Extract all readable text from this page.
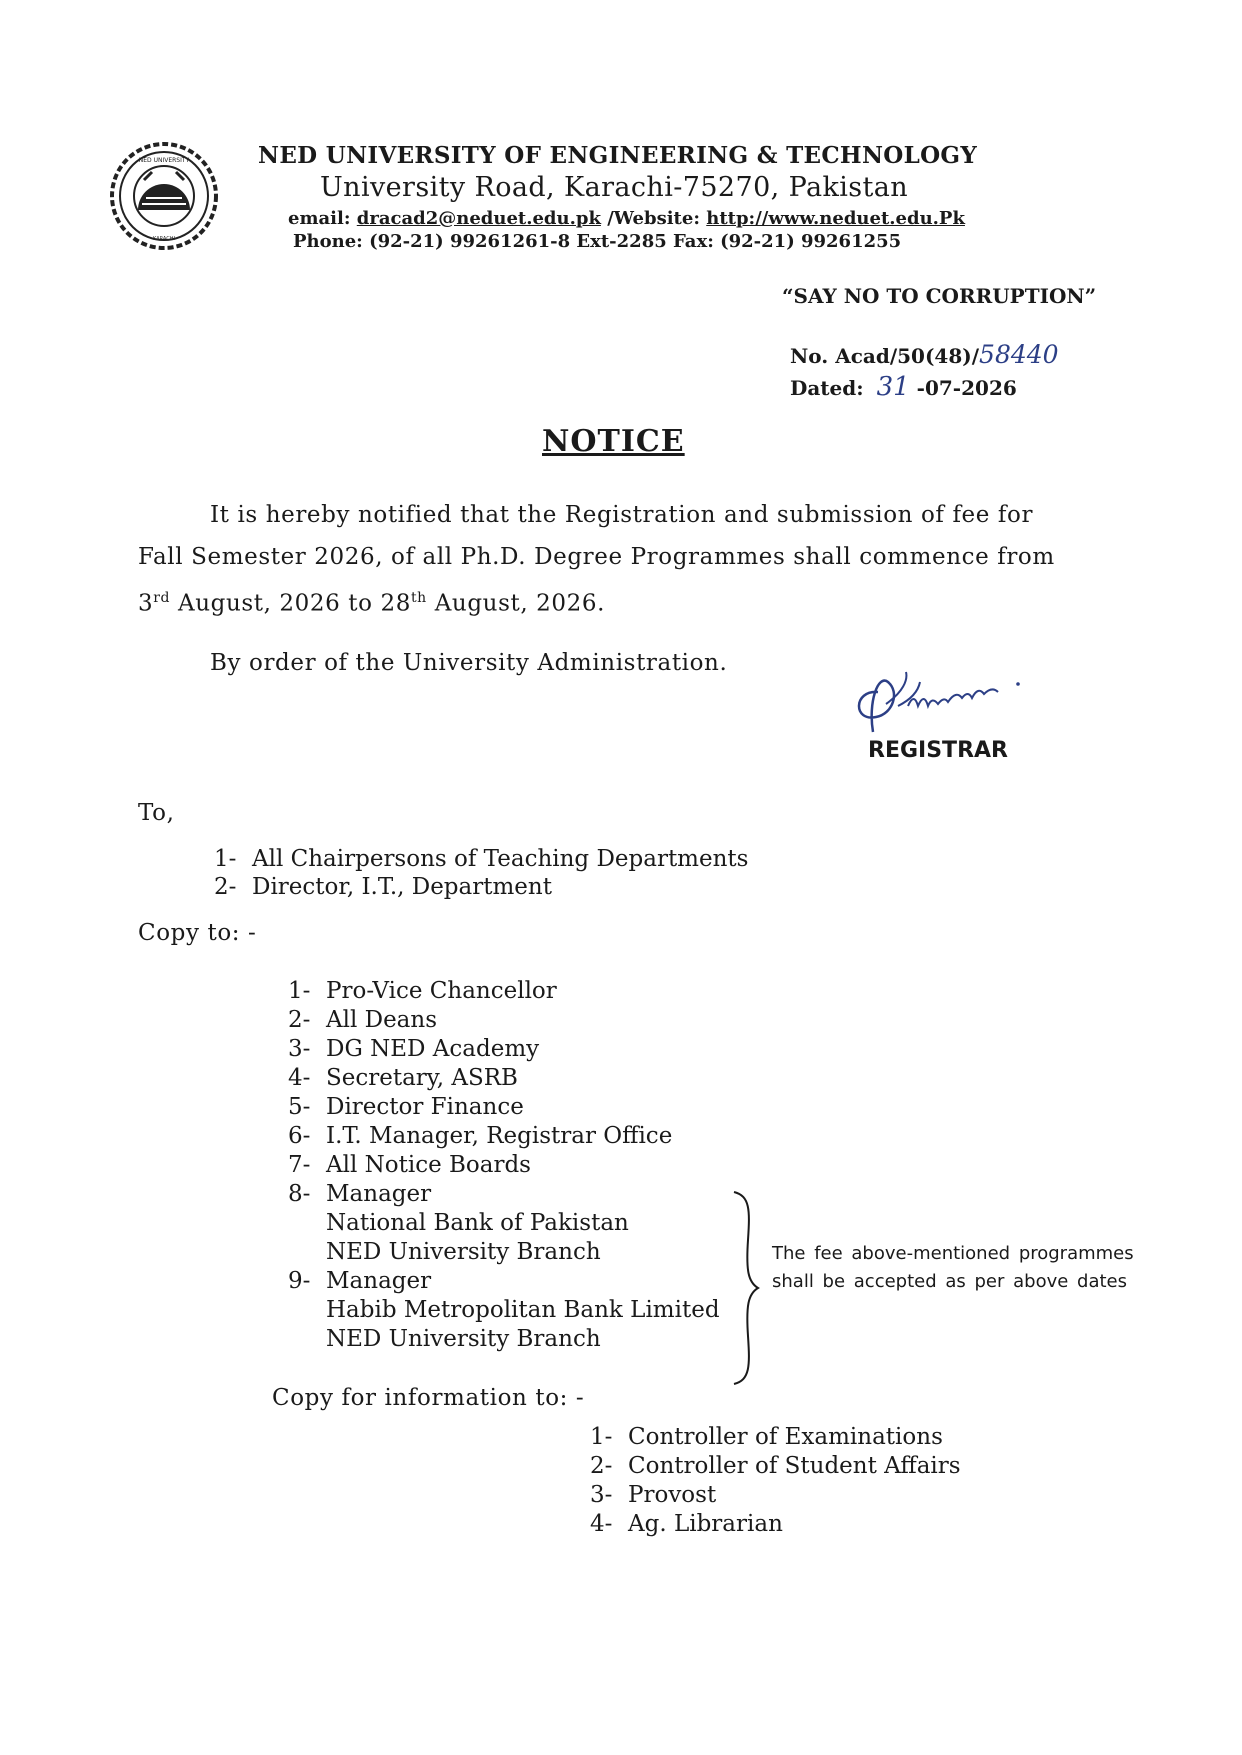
NED UNIVERSITY
KARACHI
NED UNIVERSITY OF ENGINEERING & TECHNOLOGY
University Road, Karachi-75270, Pakistan
email: dracad2@neduet.edu.pk /Website: http://www.neduet.edu.Pk
Phone: (92-21) 99261261-8 Ext-2285 Fax: (92-21) 99261255
“SAY NO TO CORRUPTION”
No. Acad/50(48)/58440
Dated: 31 -07-2026
NOTICE
It is hereby notified that the Registration and submission of fee for
Fall Semester 2026, of all Ph.D. Degree Programmes shall commence from
3rd August, 2026 to 28th August, 2026.
By order of the University Administration.
REGISTRAR
To,
1- All Chairpersons of Teaching Departments
2- Director, I.T., Department
Copy to: -
1- Pro-Vice Chancellor
2- All Deans
3- DG NED Academy
4- Secretary, ASRB
5- Director Finance
6- I.T. Manager, Registrar Office
7- All Notice Boards
8- Manager
National Bank of Pakistan
NED University Branch
9- Manager
Habib Metropolitan Bank Limited
NED University Branch
The fee above-mentioned programmes
shall be accepted as per above dates
Copy for information to: -
1- Controller of Examinations
2- Controller of Student Affairs
3- Provost
4- Ag. Librarian
